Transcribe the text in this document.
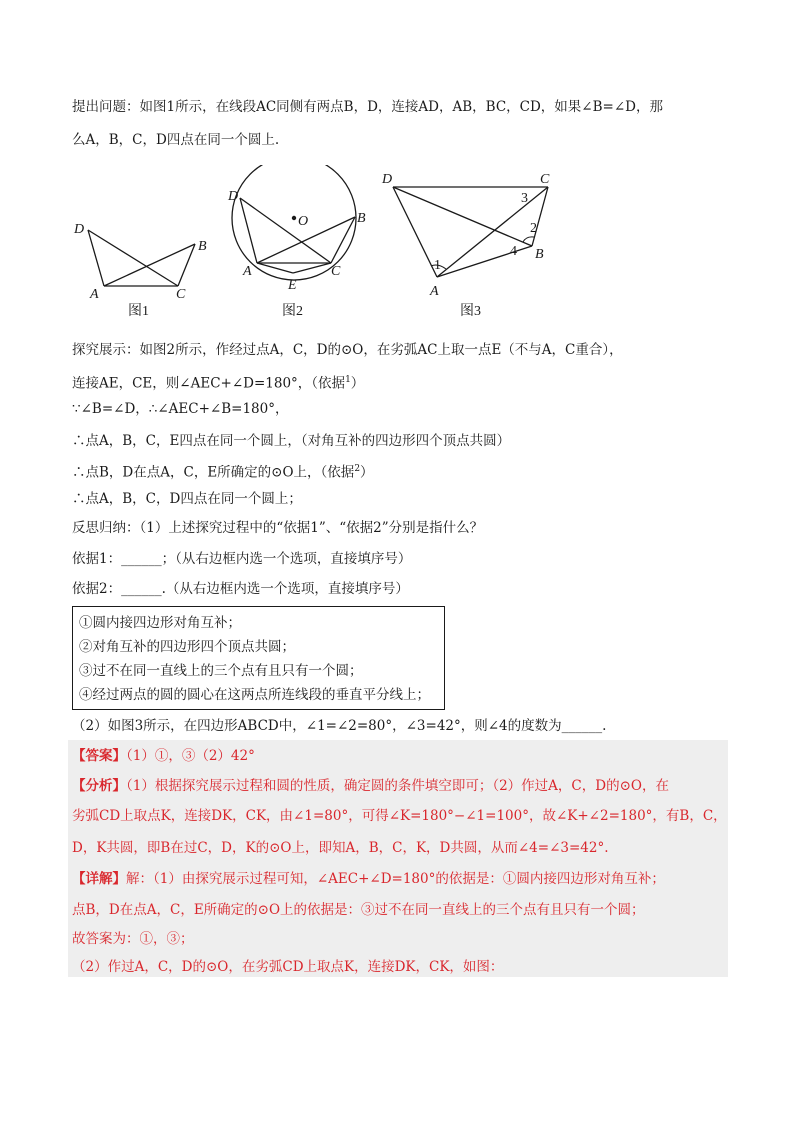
提出问题：如图1所示，在线段AC同侧有两点B，D，连接AD，AB，BC，CD，如果∠B=∠D，那
么A，B，C，D四点在同一个圆上.
D
B
A	C
图1
D
O	B
A
E
C
图2
D	C
3
2
4 B
1
A
图3
探究展示：如图2所示，作经过点A，C，D的⊙O，在劣弧AC上取一点E（不与A，C重合），
连接AE，CE，则∠AEC+∠D=180°，（依据$^1$）
∵∠B=∠D，∴∠AEC+∠B=180°，
∴点A，B，C，E四点在同一个圆上，（对角互补的四边形四个顶点共圆）
∴点B，D在点A，C，E所确定的⊙O上，（依据$^2$）
∴点A，B，C，D四点在同一个圆上；
反思归纳：（1）上述探究过程中的“依据1”、“依据2”分别是指什么？
依据1：______；（从右边框内选一个选项，直接填序号）
依据2：______.（从右边框内选一个选项，直接填序号）
①圆内接四边形对角互补；
②对角互补的四边形四个顶点共圆；
③过不在同一直线上的三个点有且只有一个圆；
④经过两点的圆的圆心在这两点所连线段的垂直平分线上；
（2）如图3所示，在四边形ABCD中，∠1=∠2=80°，∠3=42°，则∠4的度数为______.
【答案】（1）①，③（2）42°
【分析】（1）根据探究展示过程和圆的性质，确定圆的条件填空即可；（2）作过A，C，D的⊙O，在
劣弧CD上取点K，连接DK，CK，由∠1=80°，可得∠K=180°−∠1=100°，故∠K+∠2=180°，有B，C，
D，K共圆，即B在过C，D，K的⊙O上，即知A，B，C，K，D共圆，从而∠4=∠3=42°.
【详解】解：（1）由探究展示过程可知，∠AEC+∠D=180°的依据是：①圆内接四边形对角互补；
点B，D在点A，C，E所确定的⊙O上的依据是：③过不在同一直线上的三个点有且只有一个圆；
故答案为：①，③；
（2）作过A，C，D的⊙O，在劣弧CD上取点K，连接DK，CK，如图：
